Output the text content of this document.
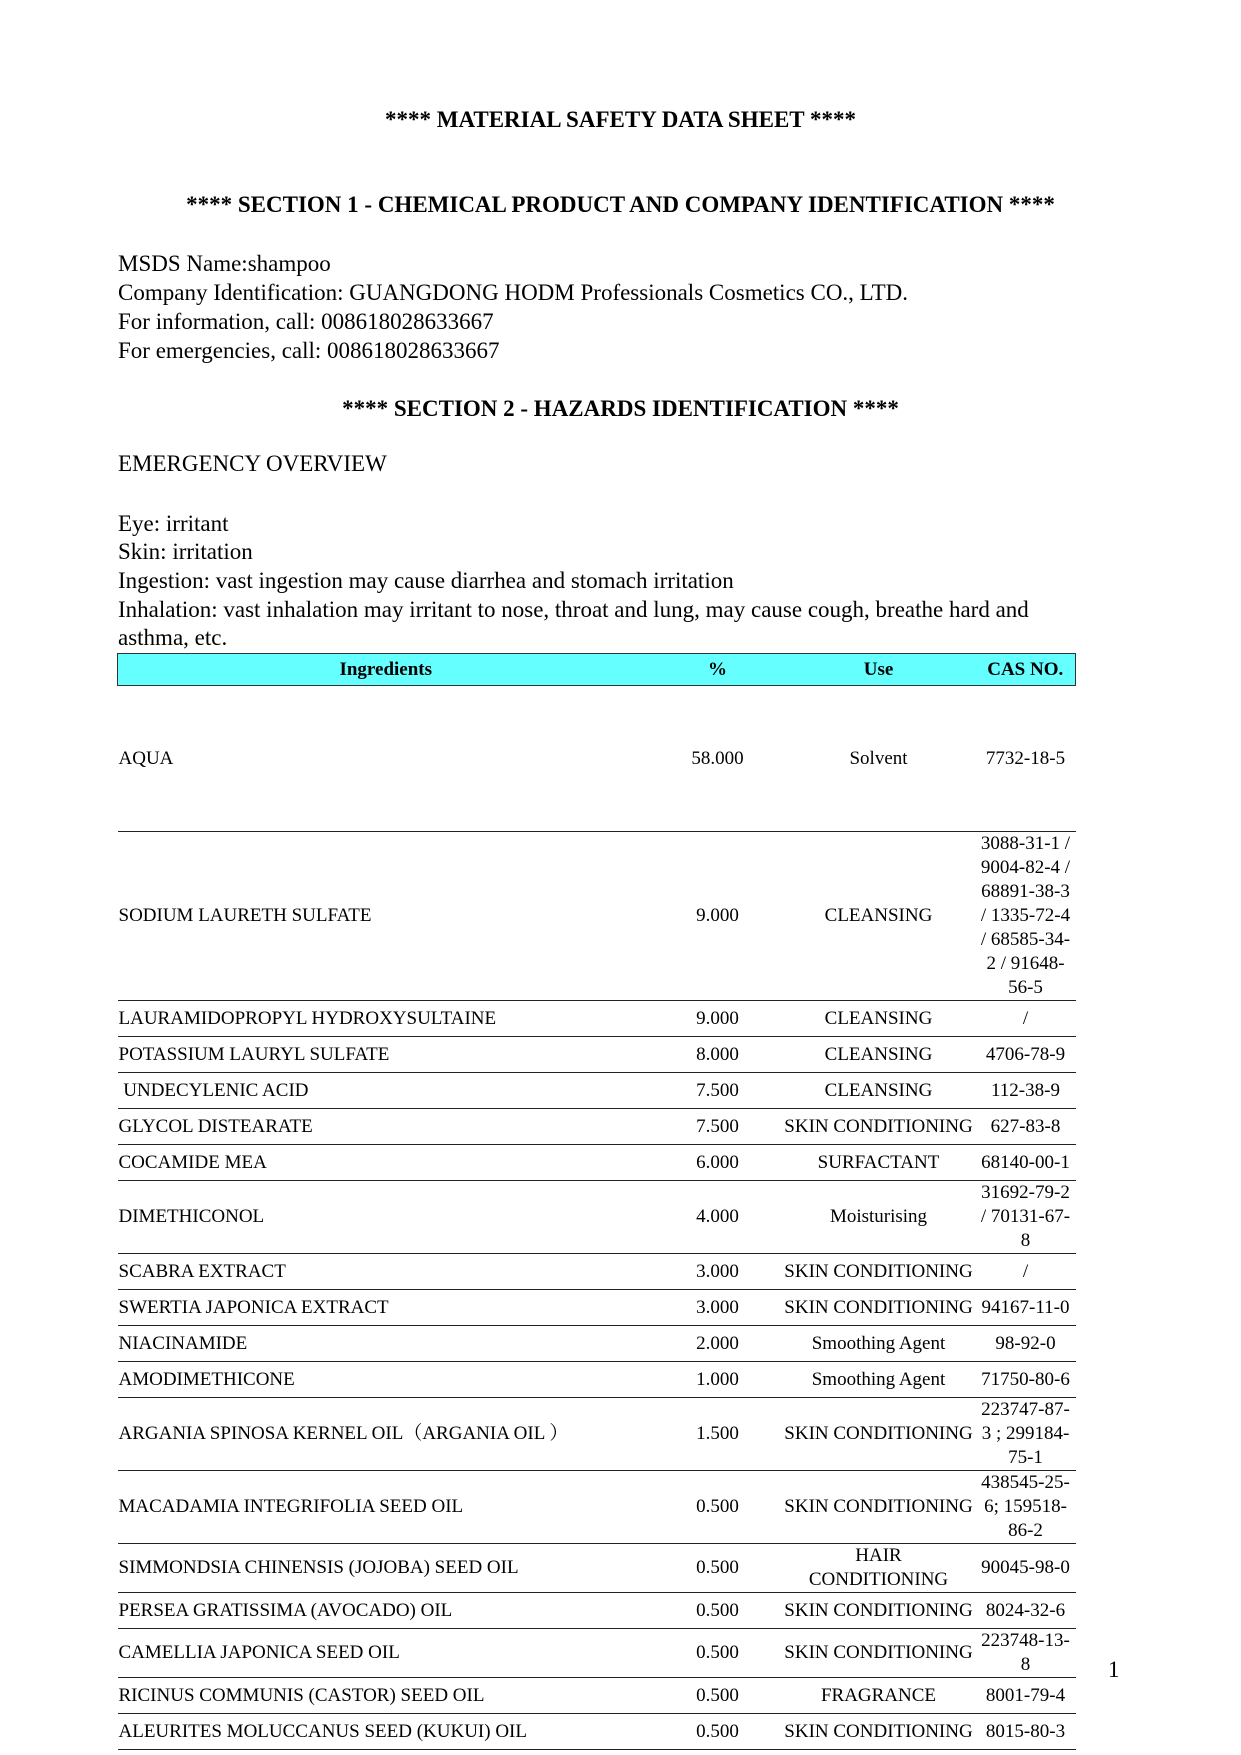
**** MATERIAL SAFETY DATA SHEET ****
**** SECTION 1 - CHEMICAL PRODUCT AND COMPANY IDENTIFICATION ****
MSDS Name:shampoo
Company Identification: GUANGDONG HODM Professionals Cosmetics CO., LTD.
For information, call: 008618028633667
For emergencies, call: 008618028633667
**** SECTION 2 - HAZARDS IDENTIFICATION ****
EMERGENCY OVERVIEW
Eye: irritant
Skin: irritation
Ingestion: vast ingestion may cause diarrhea and stomach irritation
Inhalation: vast inhalation may irritant to nose, throat and lung, may cause cough, breathe hard and
asthma, etc.
Ingredients	%	Use	CAS NO.
AQUA	58.000	Solvent	7732-18-5
SODIUM LAURETH SULFATE	9.000	CLEANSING	3088-31-1 / 9004-82-4 / 68891-38-3 / 1335-72-4 / 68585-34-2 / 91648-56-5
LAURAMIDOPROPYL HYDROXYSULTAINE	9.000	CLEANSING	/
POTASSIUM LAURYL SULFATE	8.000	CLEANSING	4706-78-9
UNDECYLENIC ACID	7.500	CLEANSING	112-38-9
GLYCOL DISTEARATE	7.500	SKIN CONDITIONING	627-83-8
COCAMIDE MEA	6.000	SURFACTANT	68140-00-1
DIMETHICONOL	4.000	Moisturising	31692-79-2 / 70131-67-8
SCABRA EXTRACT	3.000	SKIN CONDITIONING	/
SWERTIA JAPONICA EXTRACT	3.000	SKIN CONDITIONING	94167-11-0
NIACINAMIDE	2.000	Smoothing Agent	98-92-0
AMODIMETHICONE	1.000	Smoothing Agent	71750-80-6
ARGANIA SPINOSA KERNEL OIL（ARGANIA OIL ）	1.500	SKIN CONDITIONING	223747-87-3 ; 299184-75-1
MACADAMIA INTEGRIFOLIA SEED OIL	0.500	SKIN CONDITIONING	438545-25-6; 159518-86-2
SIMMONDSIA CHINENSIS (JOJOBA) SEED OIL	0.500	HAIR CONDITIONING	90045-98-0
PERSEA GRATISSIMA (AVOCADO) OIL	0.500	SKIN CONDITIONING	8024-32-6
CAMELLIA JAPONICA SEED OIL	0.500	SKIN CONDITIONING	223748-13-8
RICINUS COMMUNIS (CASTOR) SEED OIL	0.500	FRAGRANCE	8001-79-4
ALEURITES MOLUCCANUS SEED (KUKUI) OIL	0.500	SKIN CONDITIONING	8015-80-3
1
